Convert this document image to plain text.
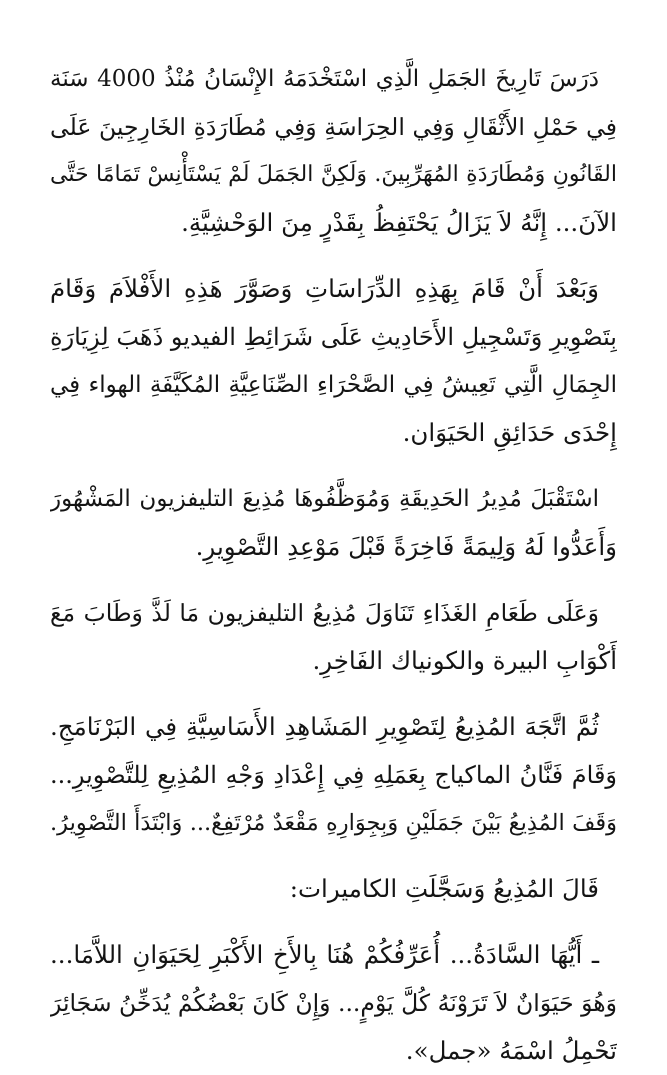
دَرَسَ تَارِيخَ الجَمَلِ الَّذِي اسْتَخْدَمَهُ الإِنْسَانُ مُنْذُ 4000 سَنَة
فِي حَمْلِ الأَثْقَالِ وَفِي الحِرَاسَةِ وَفِي مُطَارَدَةِ الخَارِجِينَ عَلَى
القَانُونِ وَمُطَارَدَةِ المُهَرِّبِينَ. وَلَكِنَّ الجَمَلَ لَمْ يَسْتَأْنِسْ تَمَامًا حَتَّى
الآنَ... إِنَّهُ لاَ يَزَالُ يَحْتَفِظُ بِقَدْرٍ مِنَ الوَحْشِيَّةِ.
وَبَعْدَ أَنْ قَامَ بِهَذِهِ الدِّرَاسَاتِ وَصَوَّرَ هَذِهِ الأَفْلاَمَ وَقَامَ
بِتَصْوِيرِ وَتَسْجِيلِ الأَحَادِيثِ عَلَى شَرَائِطِ الفيديو ذَهَبَ لِزِيَارَةِ
الجِمَالِ الَّتِي تَعِيشُ فِي الصَّحْرَاءِ الصِّنَاعِيَّةِ المُكَيَّفَةِ الهواء فِي
إِحْدَى حَدَائِقِ الحَيَوَان.
اسْتَقْبَلَ مُدِيرُ الحَدِيقَةِ وَمُوَظَّفُوهَا مُذِيعَ التليفزيون المَشْهُورَ
وَأَعَدُّوا لَهُ وَلِيمَةً فَاخِرَةً قَبْلَ مَوْعِدِ التَّصْوِيرِ.
وَعَلَى طَعَامِ الغَذَاءِ تَنَاوَلَ مُذِيعُ التليفزيون مَا لَذَّ وَطَابَ مَعَ
أَكْوَابِ البيرة والكونياك الفَاخِرِ.
ثُمَّ اتَّجَهَ المُذِيعُ لِتَصْوِيرِ المَشَاهِدِ الأَسَاسِيَّةِ فِي البَرْنَامَجِ.
وَقَامَ فَنَّانُ الماكياج بِعَمَلِهِ فِي إِعْدَادِ وَجْهِ المُذِيعِ لِلتَّصْوِيرِ...
وَقَفَ المُذِيعُ بَيْنَ جَمَلَيْنِ وَبِجِوَارِهِ مَقْعَدٌ مُرْتَفِعٌ... وَابْتَدَأَ التَّصْوِيرُ.
قَالَ المُذِيعُ وَسَجَّلَتِ الكاميرات:
ـ أَيُّهَا السَّادَةُ... أُعَرِّفُكُمْ هُنَا بِالأَخِ الأَكْبَرِ لِحَيَوَانِ اللاَّمَا...
وَهُوَ حَيَوَانٌ لاَ تَرَوْنَهُ كُلَّ يَوْمٍ... وَإِنْ كَانَ بَعْضُكُمْ يُدَخِّنُ سَجَائِرَ
تَحْمِلُ اسْمَهُ «جمل».
